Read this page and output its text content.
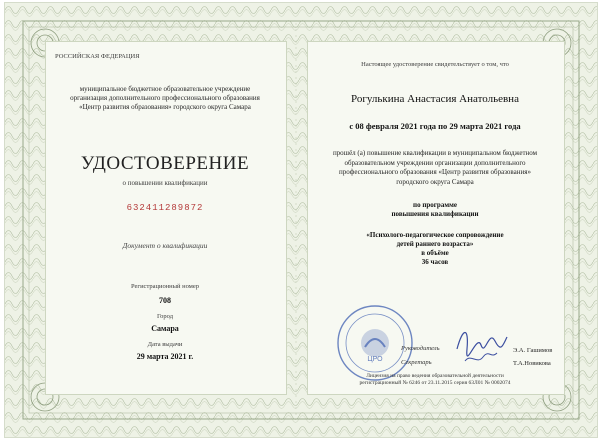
РОССИЙСКАЯ ФЕДЕРАЦИЯ
муниципальное бюджетное образовательное учреждение
организация дополнительного профессионального образования
«Центр развития образования» городского округа Самара
УДОСТОВЕРЕНИЕ
о повышении квалификации
632411289872
Документ о квалификации
Регистрационный номер
708
Город
Самара
Дата выдачи
29 марта 2021 г.
Настоящее удостоверение свидетельствует о том, что
Рогулькина Анастасия Анатольевна
с 08 февраля 2021 года по 29 марта 2021 года
прошёл (а) повышение квалификации в муниципальном бюджетном
образовательном учреждении организации дополнительного
профессионального образования «Центр развития образования»
городского округа Самара
по программе
повышения квалификации
«Психолого-педагогическое сопровождение
детей раннего возраста»
в объёме
36 часов
ЦРО
Руководитель
Секретарь
Э.А. Гашимов
Т.А.Новикова
Лицензия на право ведения образовательной деятельности
регистрационный № 6246 от 23.11.2015 серия 63Л01 № 0002074
